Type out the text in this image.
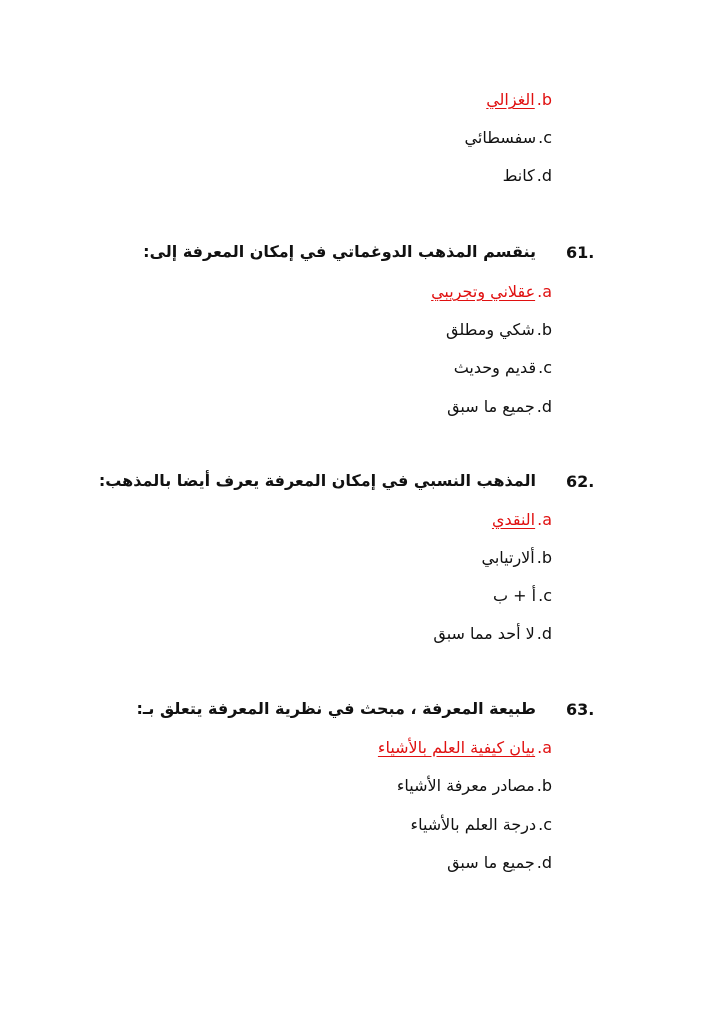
الغزالي .b
سفسطائي .c
كانط .d
61.
ينقسم المذهب الدوغماتي في إمكان المعرفة إلى:
عقلاني وتجريبي .a
شكي ومطلق .b
قديم وحديث .c
جميع ما سبق .d
62.
المذهب النسبي في إمكان المعرفة يعرف أيضا بالمذهب:
النقدي .a
ألارتيابي .b
أ + ب .c
لا أحد مما سبق .d
63.
طبيعة المعرفة ، مبحث في نظرية المعرفة يتعلق بـ:
بيان كيفية العلم بالأشياء .a
مصادر معرفة الأشياء .b
درجة العلم بالأشياء .c
جميع ما سبق .d
